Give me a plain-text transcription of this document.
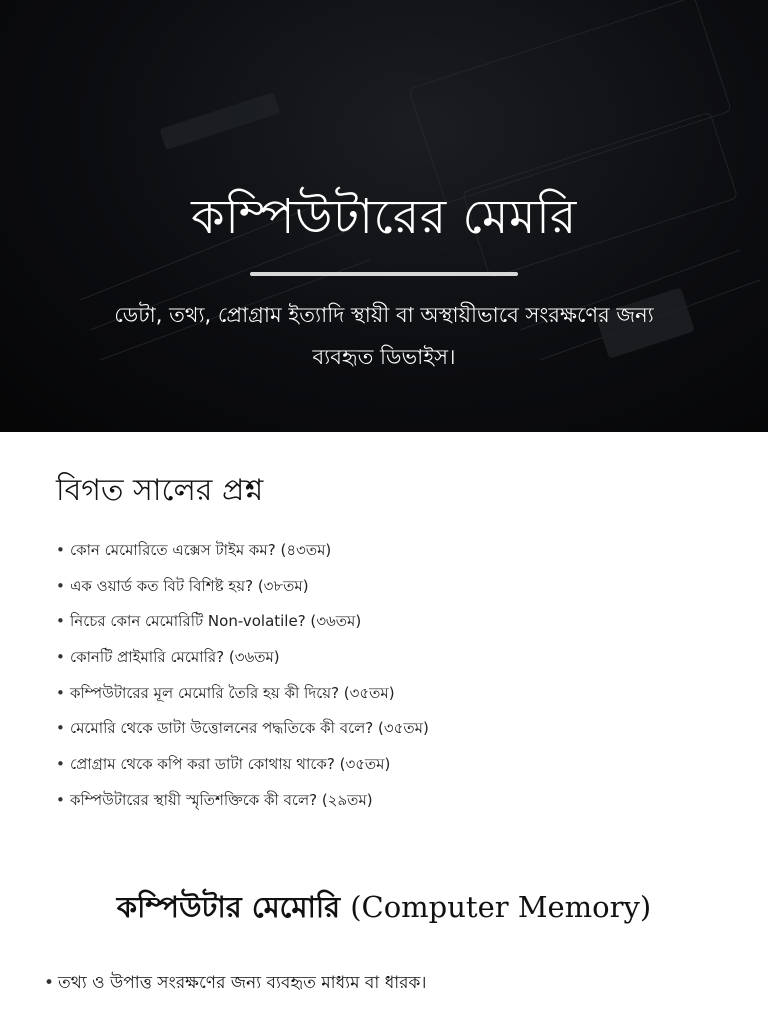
কম্পিউটারের মেমরি
ডেটা, তথ্য, প্রোগ্রাম ইত্যাদি স্থায়ী বা অস্থায়ীভাবে সংরক্ষণের জন্য ব্যবহৃত ডিভাইস।
বিগত সালের প্রশ্ন
• কোন মেমোরিতে এক্সেস টাইম কম? (৪৩তম)
• এক ওয়ার্ড কত বিট বিশিষ্ট হয়? (৩৮তম)
• নিচের কোন মেমোরিটি Non-volatile? (৩৬তম)
• কোনটি প্রাইমারি মেমোরি? (৩৬তম)
• কম্পিউটারের মূল মেমোরি তৈরি হয় কী দিয়ে? (৩৫তম)
• মেমোরি থেকে ডাটা উত্তোলনের পদ্ধতিকে কী বলে? (৩৫তম)
• প্রোগ্রাম থেকে কপি করা ডাটা কোথায় থাকে? (৩৫তম)
• কম্পিউটারের স্থায়ী স্মৃতিশক্তিকে কী বলে? (২৯তম)
কম্পিউটার মেমোরি (Computer Memory)
• তথ্য ও উপাত্ত সংরক্ষণের জন্য ব্যবহৃত মাধ্যম বা ধারক।
